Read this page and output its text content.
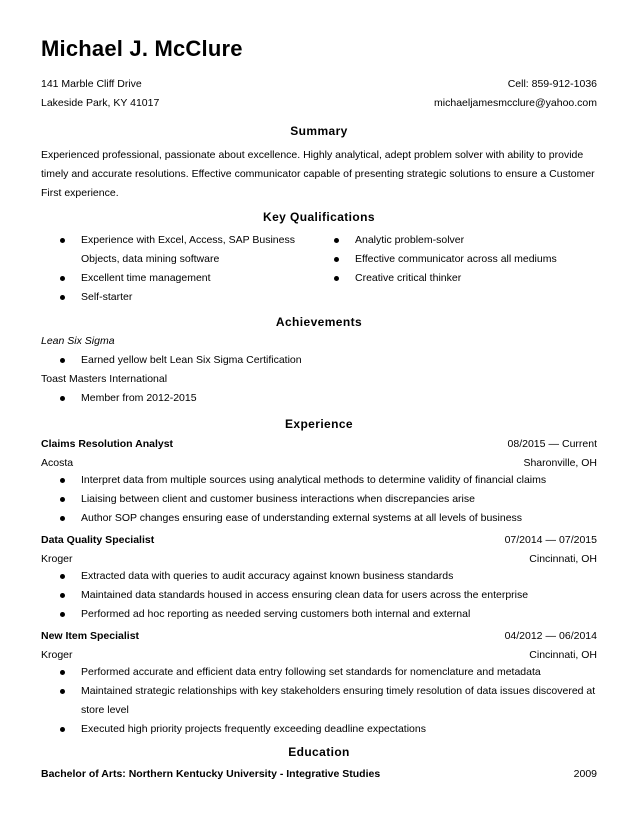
Michael J. McClure
141 Marble Cliff Drive	Cell: 859-912-1036
Lakeside Park, KY 41017	michaeljamesmcclure@yahoo.com
Summary
Experienced professional, passionate about excellence. Highly analytical, adept problem solver with ability to provide
timely and accurate resolutions. Effective communicator capable of presenting strategic solutions to ensure a Customer
First experience.
Key Qualifications
Experience with Excel, Access, SAP Business
Objects, data mining software
Excellent time management
Self-starter
Analytic problem-solver
Effective communicator across all mediums
Creative critical thinker
Achievements
Lean Six Sigma
Earned yellow belt Lean Six Sigma Certification
Toast Masters International
Member from 2012-2015
Experience
Claims Resolution Analyst	08/2015 — Current
Acosta	Sharonville, OH
Interpret data from multiple sources using analytical methods to determine validity of financial claims
Liaising between client and customer business interactions when discrepancies arise
Author SOP changes ensuring ease of understanding external systems at all levels of business
Data Quality Specialist	07/2014 — 07/2015
Kroger	Cincinnati, OH
Extracted data with queries to audit accuracy against known business standards
Maintained data standards housed in access ensuring clean data for users across the enterprise
Performed ad hoc reporting as needed serving customers both internal and external
New Item Specialist	04/2012 — 06/2014
Kroger	Cincinnati, OH
Performed accurate and efficient data entry following set standards for nomenclature and metadata
Maintained strategic relationships with key stakeholders ensuring timely resolution of data issues discovered at
store level
Executed high priority projects frequently exceeding deadline expectations
Education
Bachelor of Arts: Northern Kentucky University - Integrative Studies	2009
